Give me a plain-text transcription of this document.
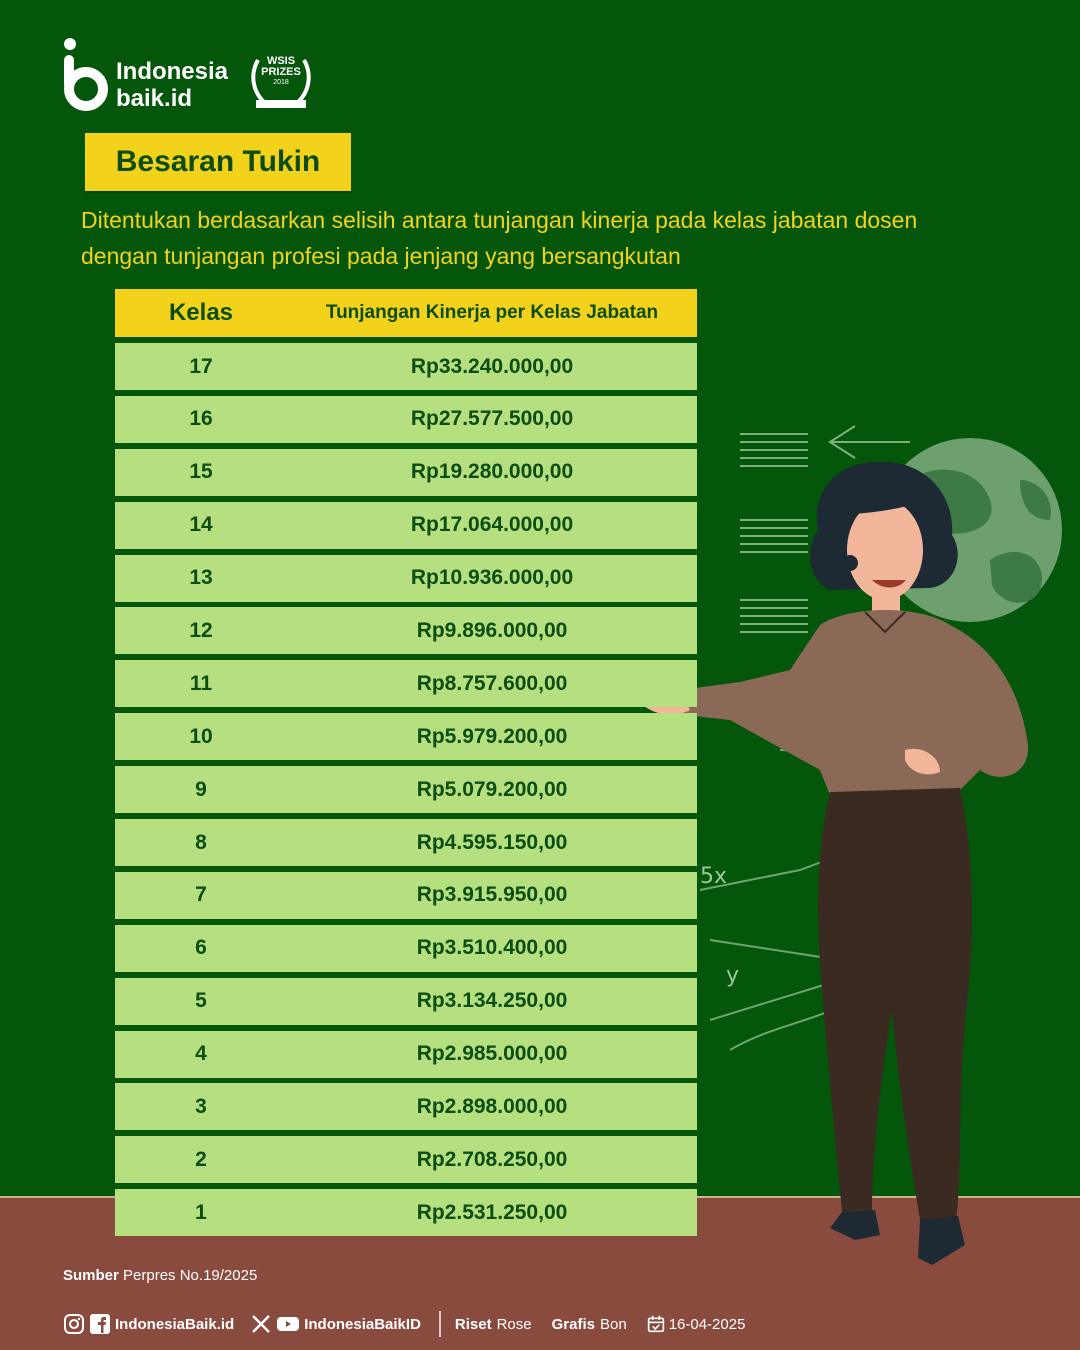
Indonesia
baik.id
WSIS
PRIZES
2018
WINNER
Besaran Tukin
Ditentukan berdasarkan selisih antara tunjangan kinerja pada kelas jabatan dosen dengan tunjangan profesi pada jenjang yang bersangkutan
5x
y
Kelas	Tunjangan Kinerja per Kelas Jabatan
17	Rp33.240.000,00
16	Rp27.577.500,00
15	Rp19.280.000,00
14	Rp17.064.000,00
13	Rp10.936.000,00
12	Rp9.896.000,00
11	Rp8.757.600,00
10	Rp5.979.200,00
9	Rp5.079.200,00
8	Rp4.595.150,00
7	Rp3.915.950,00
6	Rp3.510.400,00
5	Rp3.134.250,00
4	Rp2.985.000,00
3	Rp2.898.000,00
2	Rp2.708.250,00
1	Rp2.531.250,00
Sumber Perpres No.19/2025
IndonesiaBaik.id	IndonesiaBaikID Riset Rose Grafis Bon	16-04-2025
